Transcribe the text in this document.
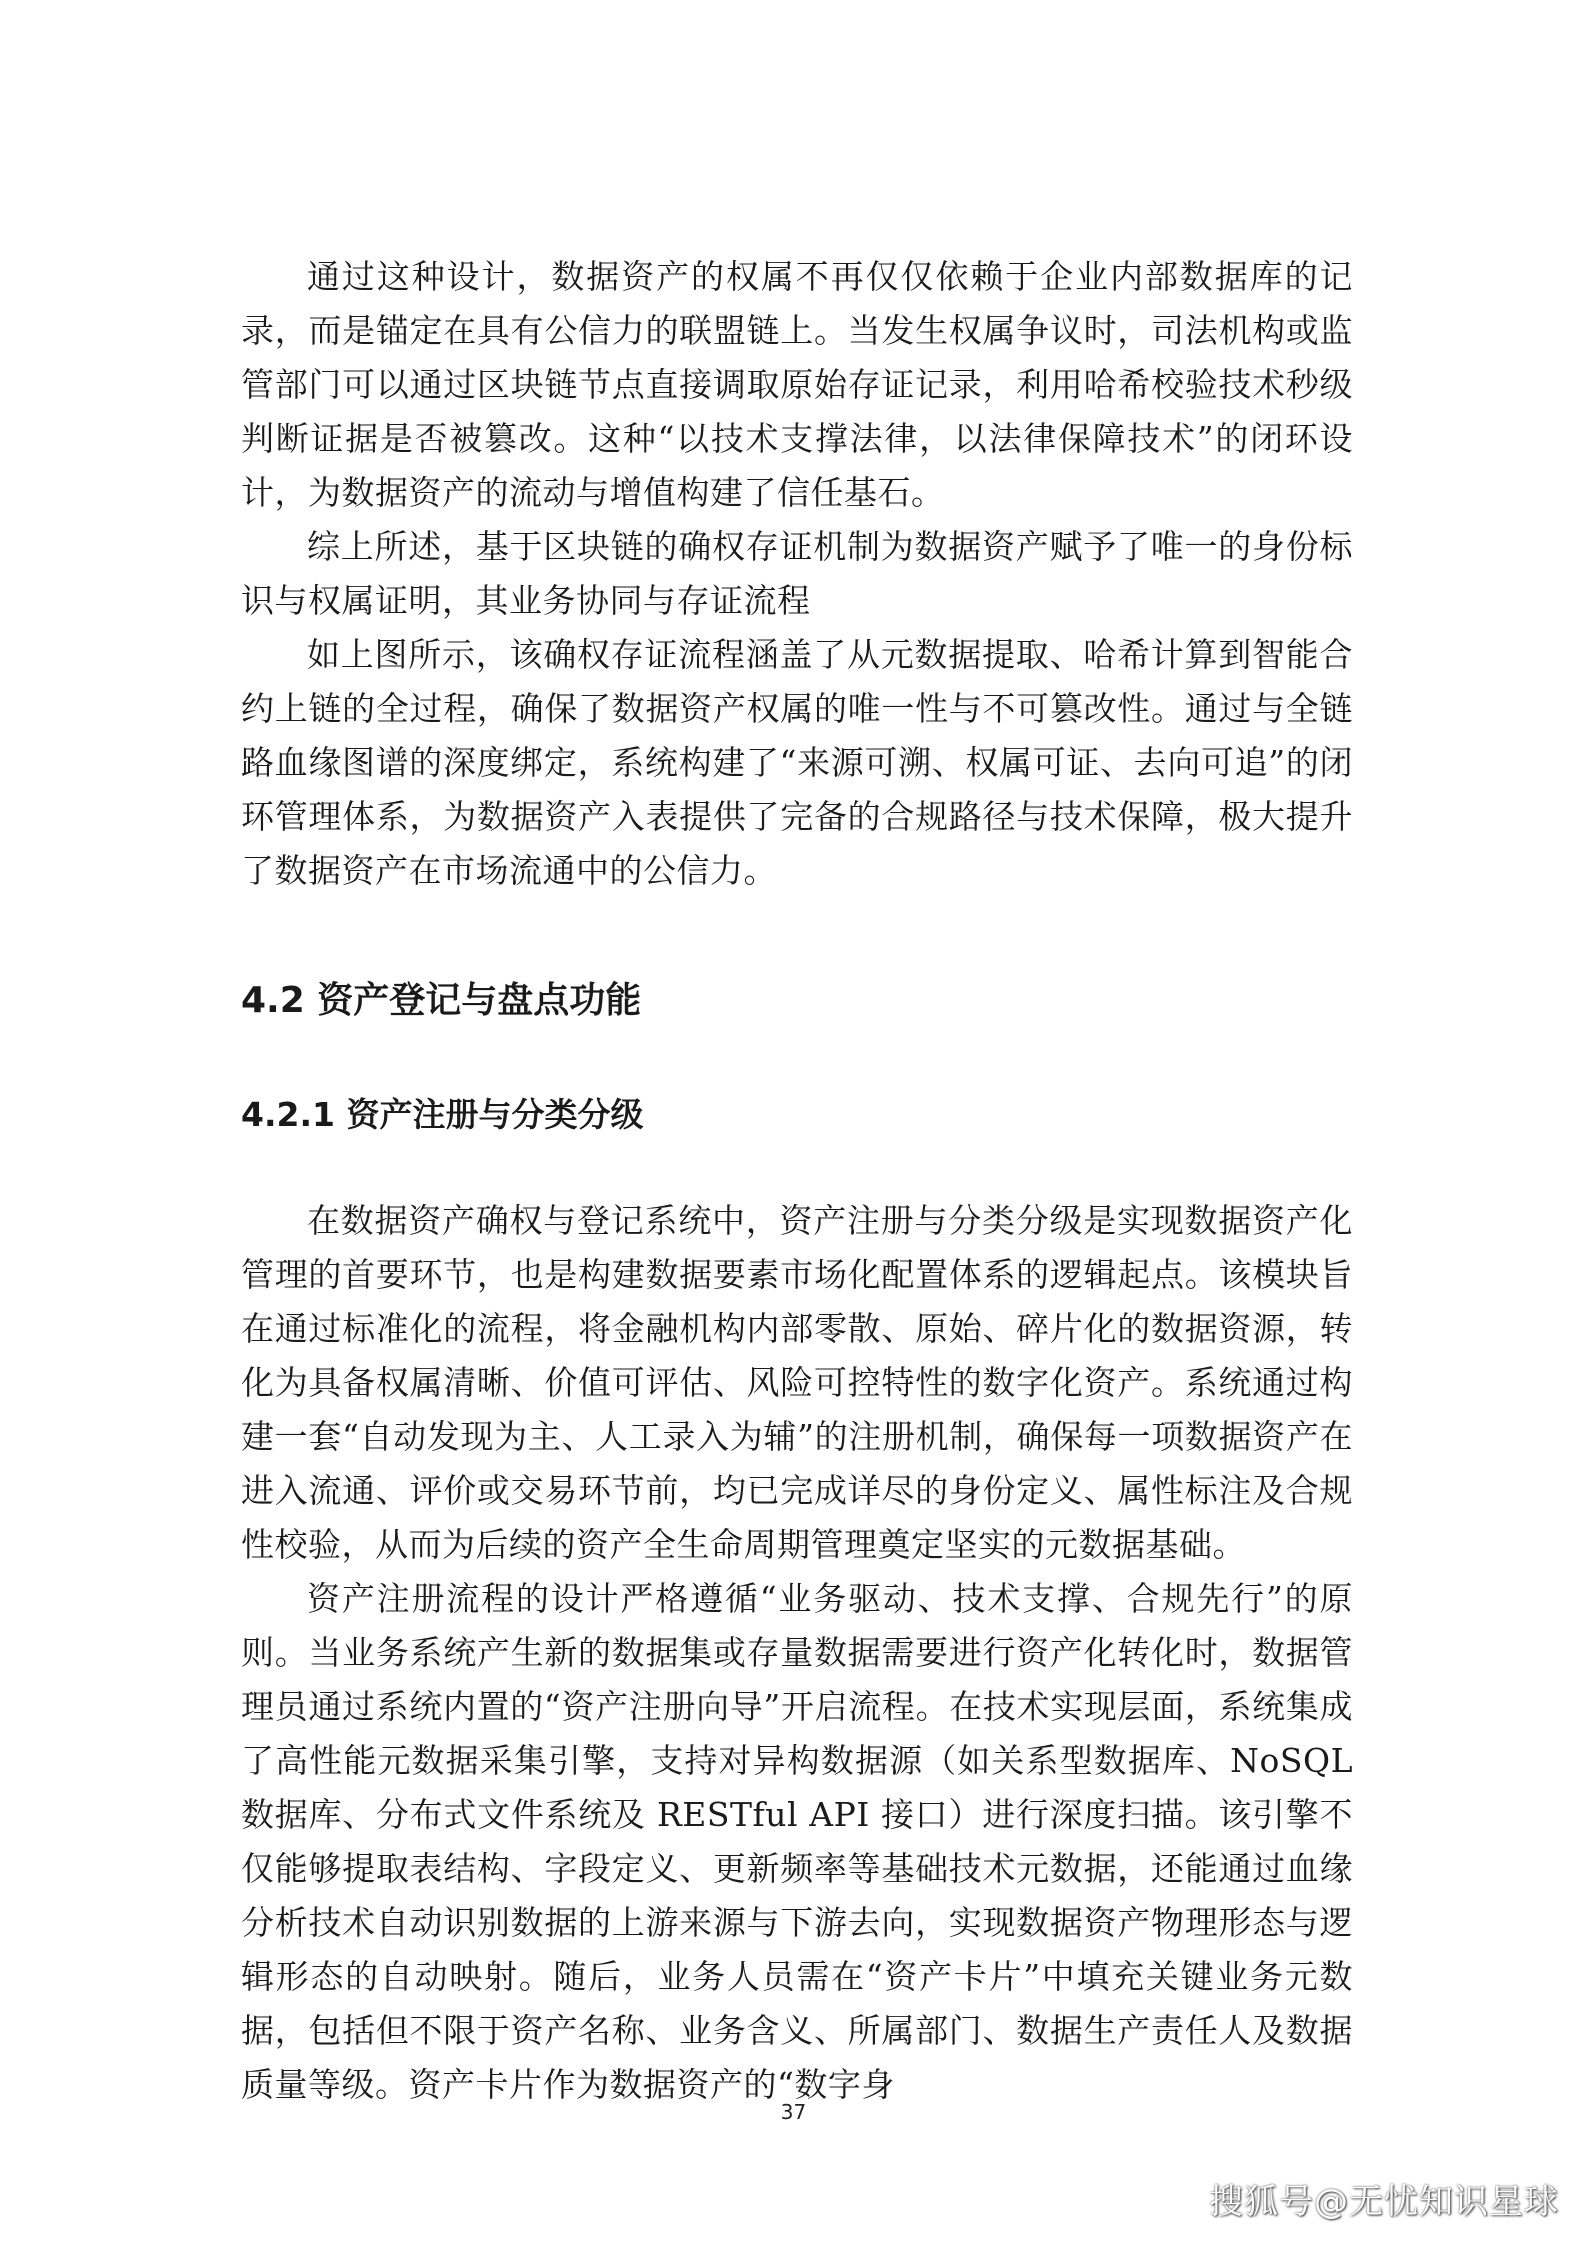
通过这种设计，数据资产的权属不再仅仅依赖于企业内部数据库的记录，而是锚定在具有公信力的联盟链上。当发生权属争议时，司法机构或监管部门可以通过区块链节点直接调取原始存证记录，利用哈希校验技术秒级判断证据是否被篡改。这种“以技术支撑法律，以法律保障技术”的闭环设计，为数据资产的流动与增值构建了信任基石。

综上所述，基于区块链的确权存证机制为数据资产赋予了唯一的身份标识与权属证明，其业务协同与存证流程

如上图所示，该确权存证流程涵盖了从元数据提取、哈希计算到智能合约上链的全过程，确保了数据资产权属的唯一性与不可篡改性。通过与全链路血缘图谱的深度绑定，系统构建了“来源可溯、权属可证、去向可追”的闭环管理体系，为数据资产入表提供了完备的合规路径与技术保障，极大提升了数据资产在市场流通中的公信力。

4.2 资产登记与盘点功能
4.2.1 资产注册与分类分级

在数据资产确权与登记系统中，资产注册与分类分级是实现数据资产化管理的首要环节，也是构建数据要素市场化配置体系的逻辑起点。该模块旨在通过标准化的流程，将金融机构内部零散、原始、碎片化的数据资源，转化为具备权属清晰、价值可评估、风险可控特性的数字化资产。系统通过构建一套“自动发现为主、人工录入为辅”的注册机制，确保每一项数据资产在进入流通、评价或交易环节前，均已完成详尽的身份定义、属性标注及合规性校验，从而为后续的资产全生命周期管理奠定坚实的元数据基础。

资产注册流程的设计严格遵循“业务驱动、技术支撑、合规先行”的原则。当业务系统产生新的数据集或存量数据需要进行资产化转化时，数据管理员通过系统内置的“资产注册向导”开启流程。在技术实现层面，系统集成了高性能元数据采集引擎，支持对异构数据源（如关系型数据库、NoSQL 数据库、分布式文件系统及 RESTful API 接口）进行深度扫描。该引擎不仅能够提取表结构、字段定义、更新频率等基础技术元数据，还能通过血缘分析技术自动识别数据的上游来源与下游去向，实现数据资产物理形态与逻辑形态的自动映射。随后，业务人员需在“资产卡片”中填充关键业务元数据，包括但不限于资产名称、业务含义、所属部门、数据生产责任人及数据质量等级。资产卡片作为数据资产的“数字身

37
搜狐号@无忧知识星球
